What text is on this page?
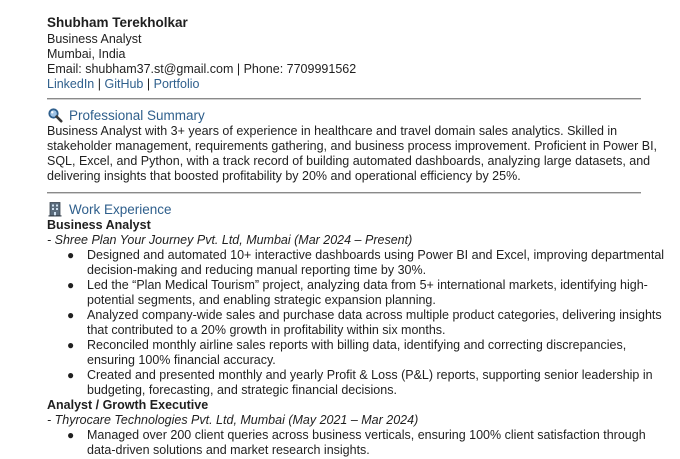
Shubham Terekholkar
Business Analyst
Mumbai, India
Email: shubham37.st@gmail.com | Phone: 7709991562
LinkedIn | GitHub | Portfolio
Professional Summary
Business Analyst with 3+ years of experience in healthcare and travel domain sales analytics. Skilled in
stakeholder management, requirements gathering, and business process improvement. Proficient in Power BI,
SQL, Excel, and Python, with a track record of building automated dashboards, analyzing large datasets, and
delivering insights that boosted profitability by 20% and operational efficiency by 25%.
Work Experience
Business Analyst
- Shree Plan Your Journey Pvt. Ltd, Mumbai (Mar 2024 – Present)
● Designed and automated 10+ interactive dashboards using Power BI and Excel, improving departmental
decision-making and reducing manual reporting time by 30%.
● Led the “Plan Medical Tourism” project, analyzing data from 5+ international markets, identifying high-
potential segments, and enabling strategic expansion planning.
● Analyzed company-wide sales and purchase data across multiple product categories, delivering insights
that contributed to a 20% growth in profitability within six months.
● Reconciled monthly airline sales reports with billing data, identifying and correcting discrepancies,
ensuring 100% financial accuracy.
● Created and presented monthly and yearly Profit & Loss (P&L) reports, supporting senior leadership in
budgeting, forecasting, and strategic financial decisions.
Analyst / Growth Executive
- Thyrocare Technologies Pvt. Ltd, Mumbai (May 2021 – Mar 2024)
● Managed over 200 client queries across business verticals, ensuring 100% client satisfaction through
data-driven solutions and market research insights.
